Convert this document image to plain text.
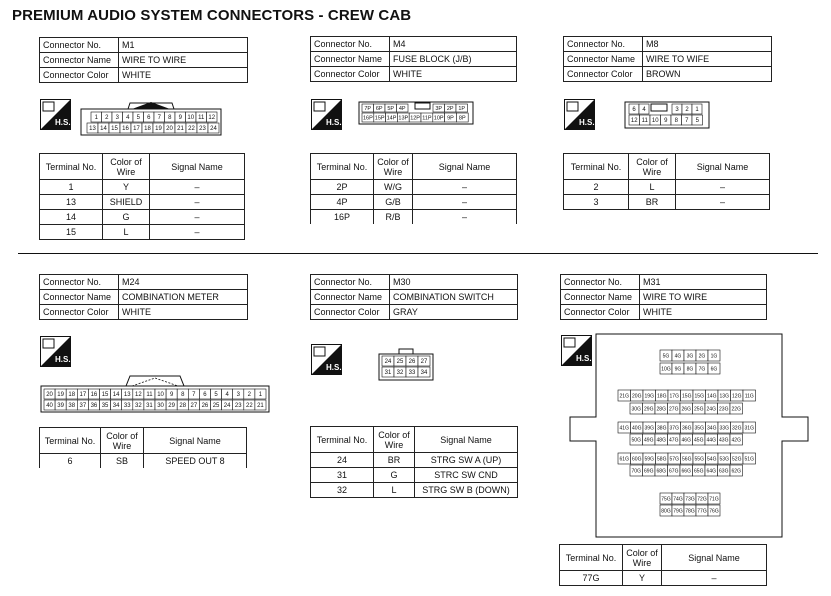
PREMIUM AUDIO SYSTEM CONNECTORS - CREW CAB
Connector No.	M1
Connector Name	WIRE TO WIRE
Connector Color	WHITE
H.S.	1 2 3 4 5 6 7 8 9 10 11 12
13 14 15 16 17 18 19 20 21 22 23 24
Terminal No.	Color of Wire	Signal Name
1	Y	–
13	SHIELD	–
14	G	–
15	L	–
Connector No.	M4
Connector Name	FUSE BLOCK (J/B)
Connector Color	WHITE
H.S.
7P 6P 5P 4P	3P 2P 1P
16P 15P 14P 13P 12P 11P 10P 9P 8P
Terminal No.	Color of Wire	Signal Name
2P	W/G	–
4P	G/B	–
16P	R/B	–
Connector No.	M8
Connector Name	WIRE TO WIFE
Connector Color	BROWN
H.S.
6 4	3 2 1
12 11 10 9 8 7 5
Terminal No.	Color of Wire	Signal Name
2	L	–
3	BR	–
Connector No.	M24
Connector Name	COMBINATION METER
Connector Color	WHITE
H.S.
20 19 18 17 16 15 14 13 12 11 10 9 8 7 6 5 4 3 2 1
40 39 38 37 36 35 34 33 32 31 30 29 28 27 26 25 24 23 22 21
Terminal No.	Color of Wire	Signal Name
6	SB	SPEED OUT 8
Connector No.	M30
Connector Name	COMBINATION SWITCH
Connector Color	GRAY
H.S.
24 25 26 27
31 32 33 34
Terminal No.	Color of Wire	Signal Name
24	BR	STRG SW A (UP)
31	G	STRC SW CND
32	L	STRG SW B (DOWN)
Connector No.	M31
Connector Name	WIRE TO WIRE
Connector Color	WHITE
H.S.	5G 4G 3G 2G 1G
10G 9G 8G 7G 6G
21G 20G 19G 18G 17G 15G 15G 14G 13G 12G 11G
30G 29G 28G 27G 26G 25G 24G 23G 22G
41G 40G 39G 38G 37G 36G 35G 34G 33G 32G 31G
50G 49G 48G 47G 46G 45G 44G 43G 42G
61G 60G 59G 58G 57G 56G 55G 54G 53G 52G 51G
70G 69G 68G 67G 66G 65G 64G 63G 62G
75G 74G 73G 72G 71G
80G 79G 78G 77G 76G
Terminal No.	Color of Wire	Signal Name
77G	Y	–
